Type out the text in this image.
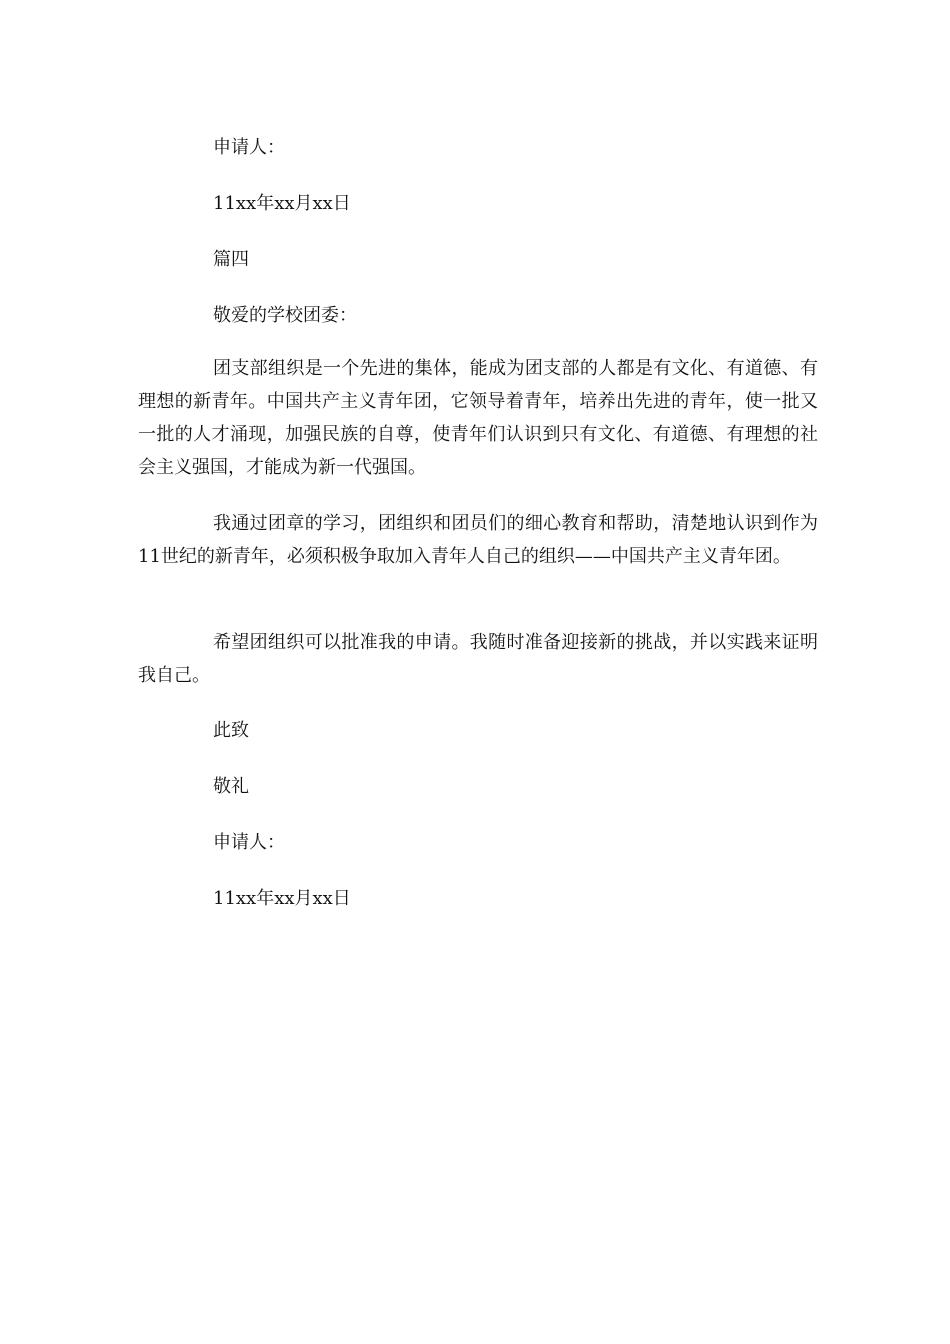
申请人：

11xx年xx月xx日

篇四

敬爱的学校团委：

团支部组织是一个先进的集体，能成为团支部的人都是有文化、有道德、有理想的新青年。中国共产主义青年团，它领导着青年，培养出先进的青年，使一批又一批的人才涌现，加强民族的自尊，使青年们认识到只有文化、有道德、有理想的社会主义强国，才能成为新一代强国。

我通过团章的学习，团组织和团员们的细心教育和帮助，清楚地认识到作为11世纪的新青年，必须积极争取加入青年人自己的组织——中国共产主义青年团。

希望团组织可以批准我的申请。我随时准备迎接新的挑战，并以实践来证明我自己。

此致

敬礼

申请人：

11xx年xx月xx日
